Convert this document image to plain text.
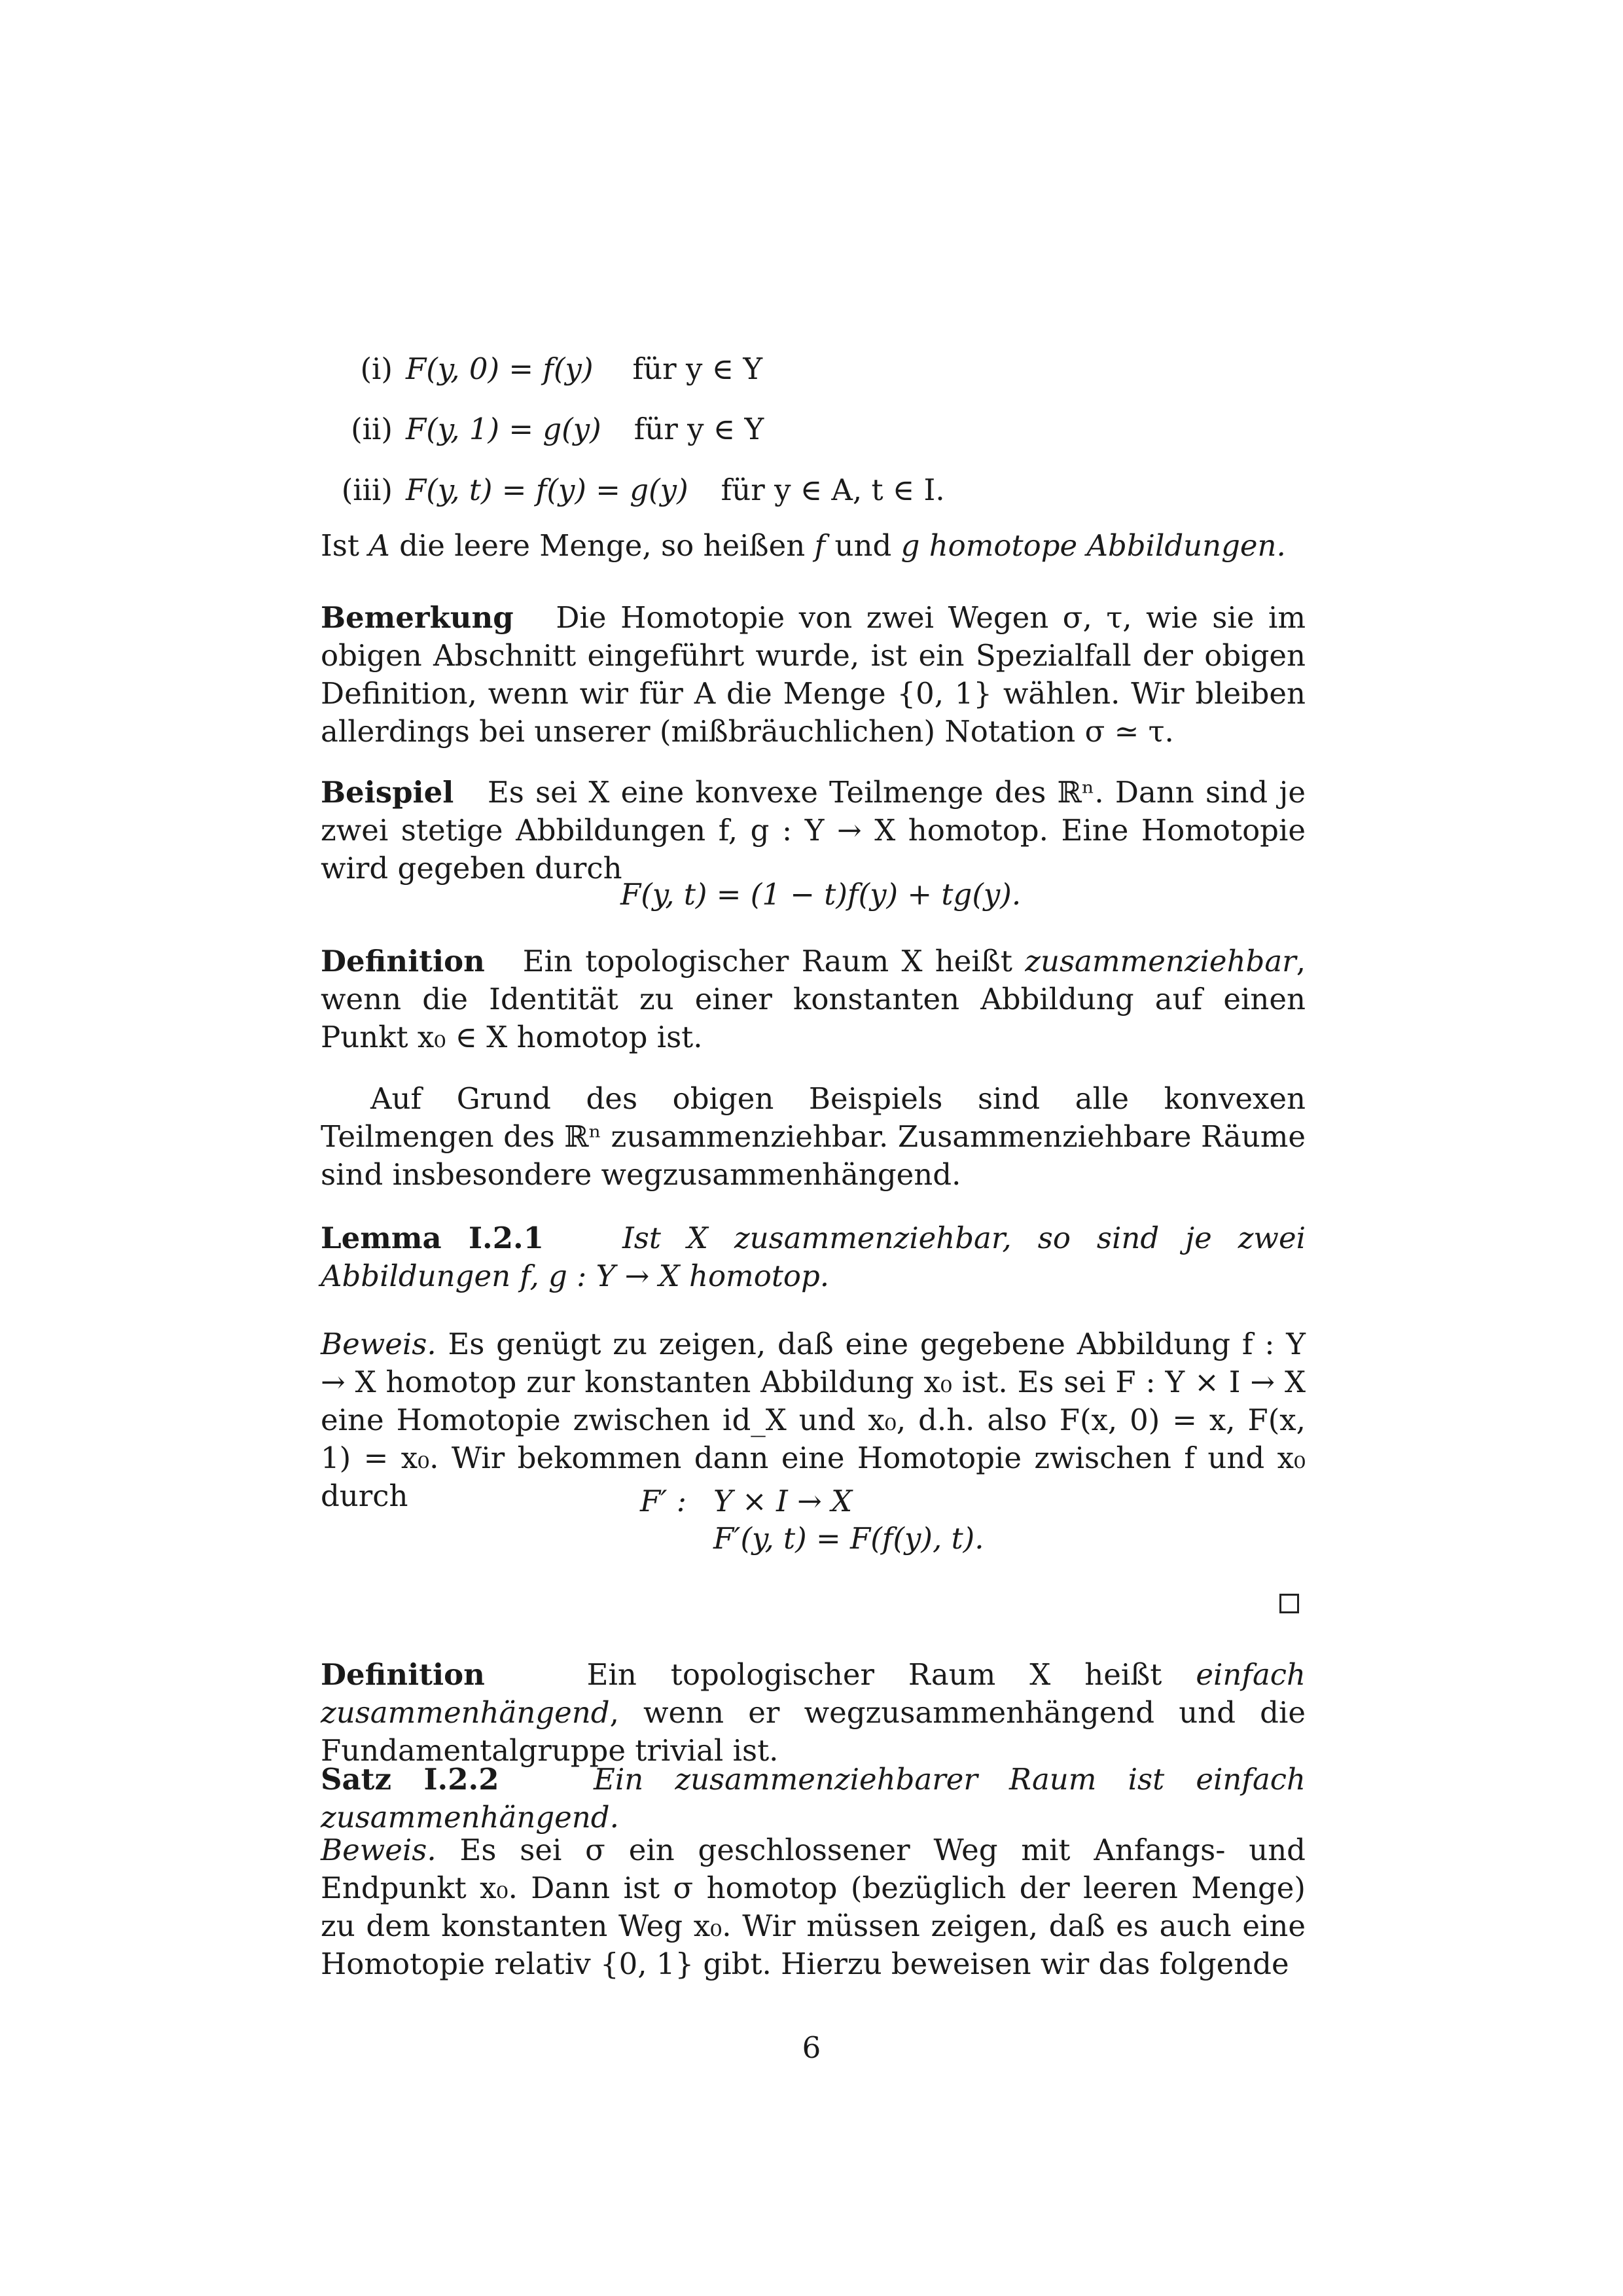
(i) F(y, 0) = f(y) für y ∈ Y
(ii) F(y, 1) = g(y) für y ∈ Y
(iii) F(y, t) = f(y) = g(y) für y ∈ A, t ∈ I.

Ist A die leere Menge, so heißen f und g homotope Abbildungen.

Bemerkung Die Homotopie von zwei Wegen σ, τ, wie sie im obigen Abschnitt eingeführt wurde, ist ein Spezialfall der obigen Definition, wenn wir für A die Menge {0, 1} wählen. Wir bleiben allerdings bei unserer (mißbräuchlichen) Notation σ ≃ τ.

Beispiel Es sei X eine konvexe Teilmenge des ℝⁿ. Dann sind je zwei stetige Abbildungen f, g : Y → X homotop. Eine Homotopie wird gegeben durch

F(y, t) = (1 − t)f(y) + tg(y).

Definition Ein topologischer Raum X heißt zusammenziehbar, wenn die Identität zu einer konstanten Abbildung auf einen Punkt x₀ ∈ X homotop ist.

Auf Grund des obigen Beispiels sind alle konvexen Teilmengen des ℝⁿ zusammenziehbar. Zusammenziehbare Räume sind insbesondere wegzusammenhängend.

Lemma I.2.1	Ist X zusammenziehbar, so sind je zwei Abbildungen f, g : Y → X homotop.

Beweis. Es genügt zu zeigen, daß eine gegebene Abbildung f : Y → X homotop zur konstanten Abbildung x₀ ist. Es sei F : Y × I → X eine Homotopie zwischen id_X und x₀, d.h. also F(x, 0) = x, F(x, 1) = x₀. Wir bekommen dann eine Homotopie zwischen f und x₀ durch	F′ : Y × I → X
F′(y, t) = F(f(y), t).

Definition	Ein topologischer Raum X heißt einfach zusammenhängend, wenn er wegzusammenhängend und die Fundamentalgruppe trivial ist.

Satz I.2.2	Ein zusammenziehbarer Raum ist einfach zusammenhängend.

Beweis. Es sei σ ein geschlossener Weg mit Anfangs- und Endpunkt x₀. Dann ist σ homotop (bezüglich der leeren Menge) zu dem konstanten Weg x₀. Wir müssen zeigen, daß es auch eine Homotopie relativ {0, 1} gibt. Hierzu beweisen wir das folgende

6
